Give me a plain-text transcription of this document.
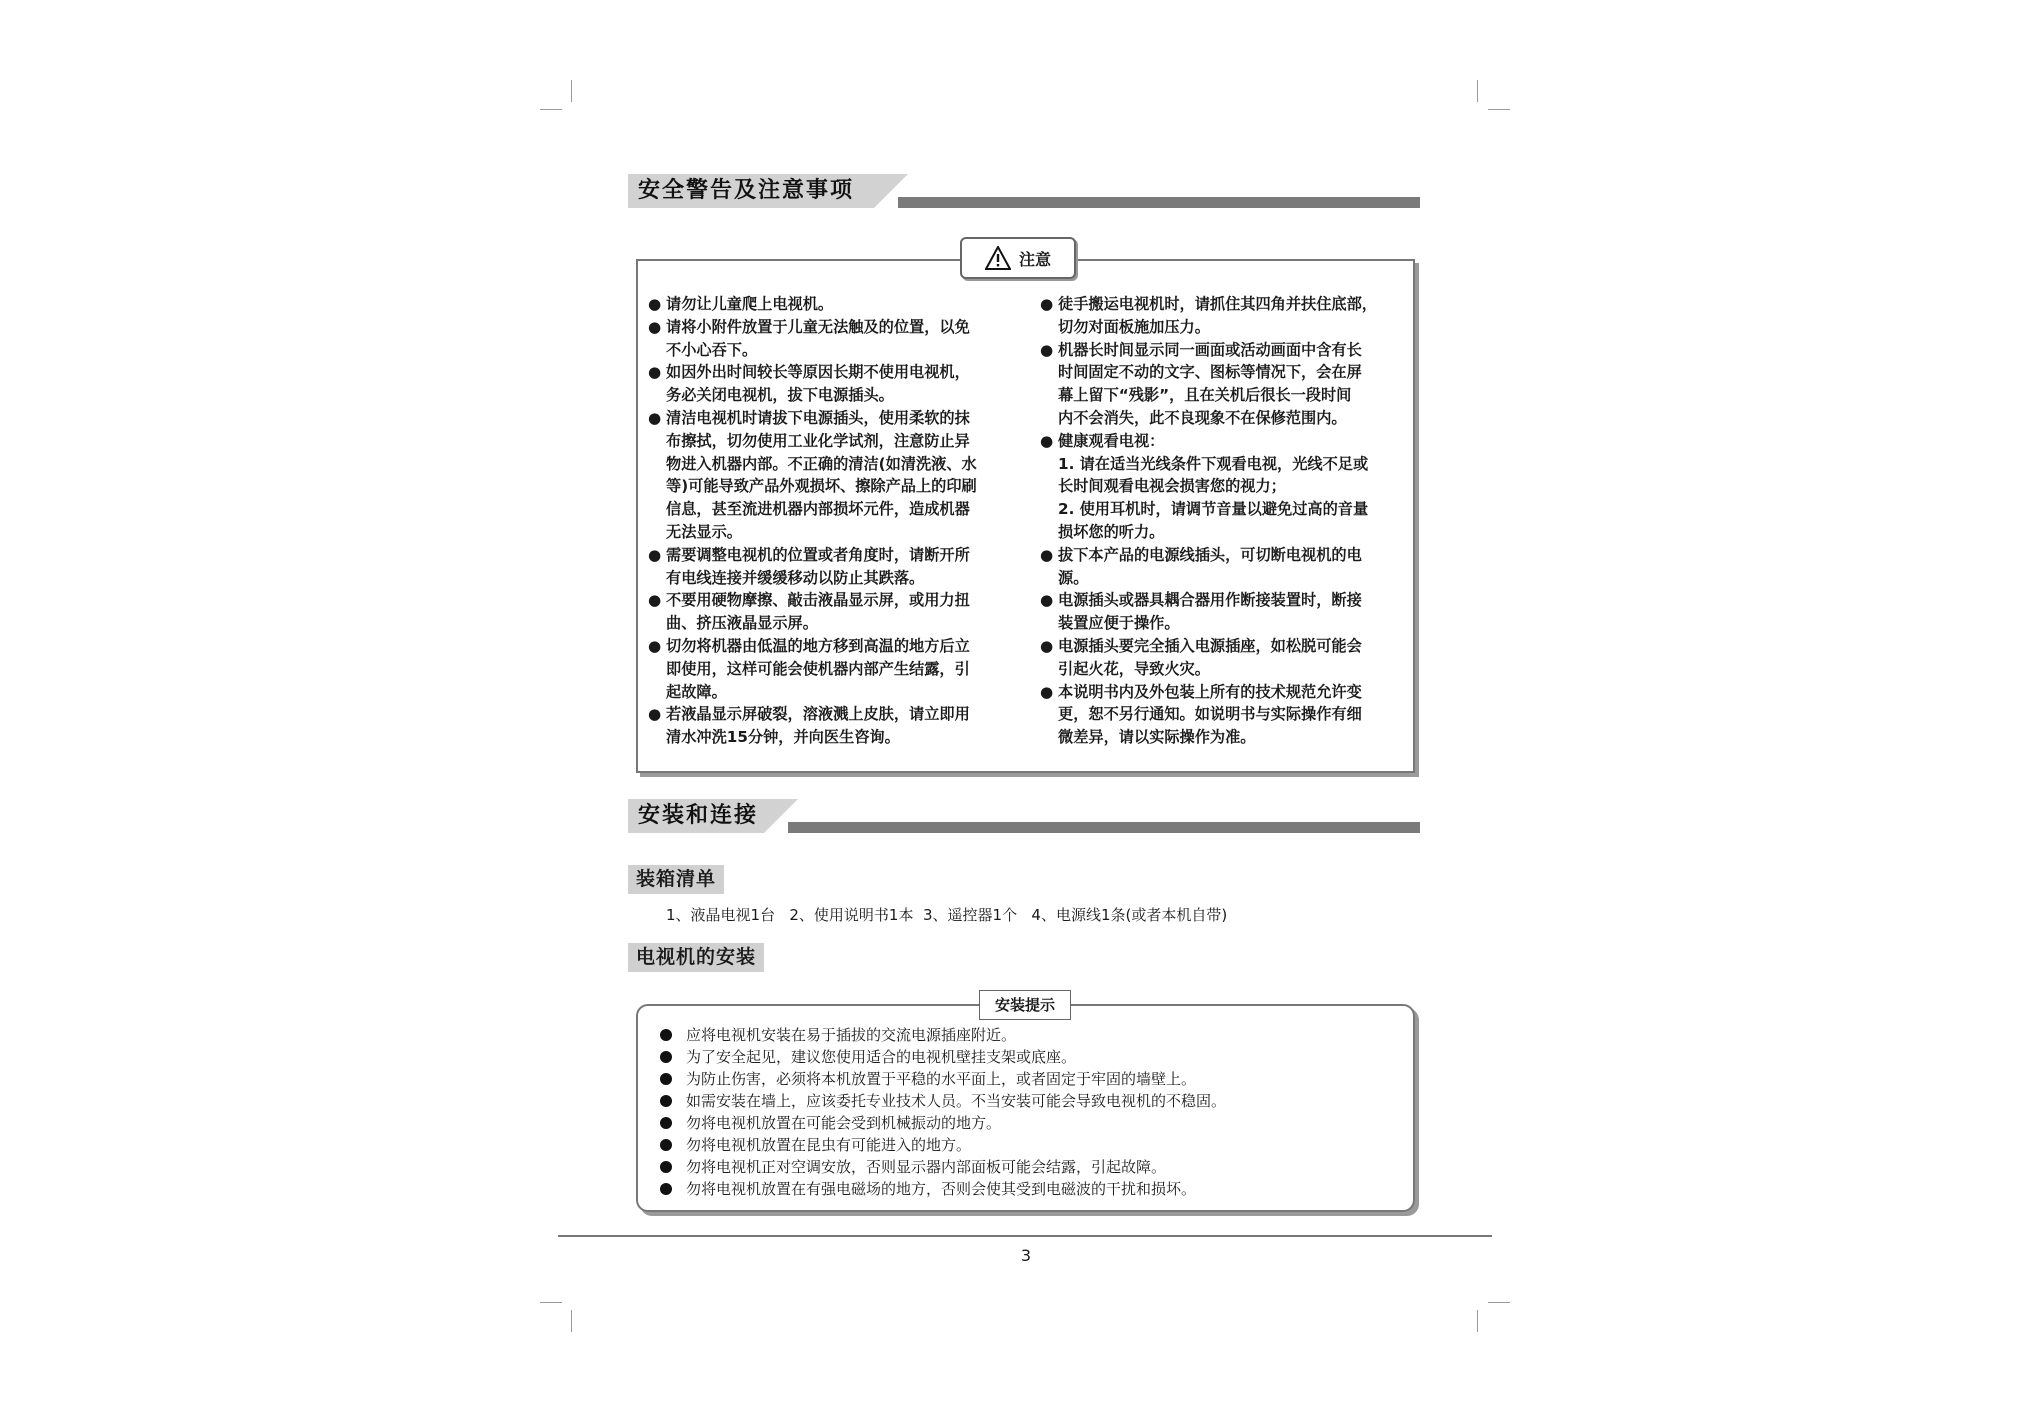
安全警告及注意事项
注意
● 请勿让儿童爬上电视机。
● 请将小附件放置于儿童无法触及的位置，以免
不小心吞下。
● 如因外出时间较长等原因长期不使用电视机，
务必关闭电视机，拔下电源插头。
● 清洁电视机时请拔下电源插头，使用柔软的抹
布擦拭，切勿使用工业化学试剂，注意防止异
物进入机器内部。不正确的清洁(如清洗液、水
等)可能导致产品外观损坏、擦除产品上的印刷
信息，甚至流进机器内部损坏元件，造成机器
无法显示。
● 需要调整电视机的位置或者角度时，请断开所
有电线连接并缓缓移动以防止其跌落。
● 不要用硬物摩擦、敲击液晶显示屏，或用力扭
曲、挤压液晶显示屏。
● 切勿将机器由低温的地方移到高温的地方后立
即使用，这样可能会使机器内部产生结露，引
起故障。
● 若液晶显示屏破裂，溶液溅上皮肤，请立即用
清水冲洗15分钟，并向医生咨询。
● 徒手搬运电视机时，请抓住其四角并扶住底部，
切勿对面板施加压力。
● 机器长时间显示同一画面或活动画面中含有长
时间固定不动的文字、图标等情况下，会在屏
幕上留下“残影”，且在关机后很长一段时间
内不会消失，此不良现象不在保修范围内。
● 健康观看电视：
1. 请在适当光线条件下观看电视，光线不足或
长时间观看电视会损害您的视力；
2. 使用耳机时，请调节音量以避免过高的音量
损坏您的听力。
● 拔下本产品的电源线插头，可切断电视机的电
源。
● 电源插头或器具耦合器用作断接装置时，断接
装置应便于操作。
● 电源插头要完全插入电源插座，如松脱可能会
引起火花，导致火灾。
● 本说明书内及外包装上所有的技术规范允许变
更，恕不另行通知。如说明书与实际操作有细
微差异，请以实际操作为准。
安装和连接
装箱清单
1、液晶电视1台   2、使用说明书1本  3、遥控器1个   4、电源线1条(或者本机自带)
电视机的安装
安装提示
应将电视机安装在易于插拔的交流电源插座附近。
为了安全起见，建议您使用适合的电视机壁挂支架或底座。
为防止伤害，必须将本机放置于平稳的水平面上，或者固定于牢固的墙壁上。
如需安装在墙上，应该委托专业技术人员。不当安装可能会导致电视机的不稳固。
勿将电视机放置在可能会受到机械振动的地方。
勿将电视机放置在昆虫有可能进入的地方。
勿将电视机正对空调安放，否则显示器内部面板可能会结露，引起故障。
勿将电视机放置在有强电磁场的地方，否则会使其受到电磁波的干扰和损坏。
3
